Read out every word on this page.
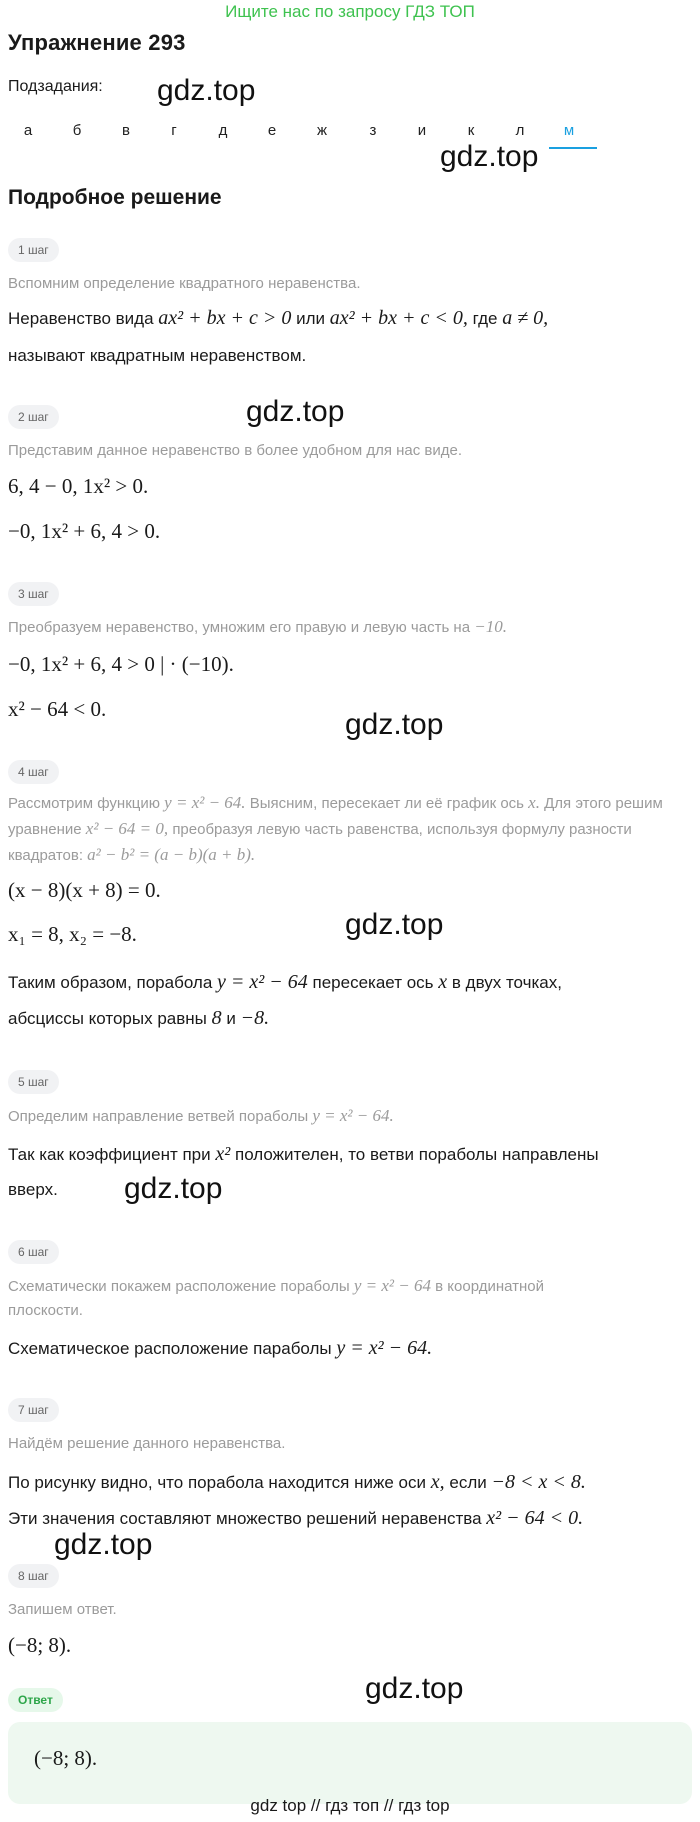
Ищите нас по запросу ГДЗ ТОП
Упражнение 293
Подзадания: gdz.top
gdz.top
а	б	в	г	д	е	ж	з	и	к	л	м
Подробное решение
1 шаг
Вспомним определение квадратного неравенства.
Неравенство вида ax² + bx + c > 0 или ax² + bx + c < 0, где a ≠ 0,
называют квадратным неравенством.
2 шаг	gdz.top
Представим данное неравенство в более удобном для нас виде.
6, 4 − 0, 1x² > 0.
−0, 1x² + 6, 4 > 0.
3 шаг
Преобразуем неравенство, умножим его правую и левую часть на −10.
−0, 1x² + 6, 4 > 0 | · (−10).
x² − 64 < 0.	gdz.top
4 шаг
Рассмотрим функцию y = x² − 64. Выясним, пересекает ли её график ось x. Для этого решим уравнение x² − 64 = 0, преобразуя левую часть равенства, используя формулу разности квадратов: a² − b² = (a − b)(a + b).
(x − 8)(x + 8) = 0.
x₁ = 8, x₂ = −8.	gdz.top
Таким образом, порабола y = x² − 64 пересекает ось x в двух точках,
абсциссы которых равны 8 и −8.
5 шаг
Определим направление ветвей пораболы y = x² − 64.
Так как коэффициент при x² положителен, то ветви пораболы направлены
вверх.	gdz.top
6 шаг
Схематически покажем расположение пораболы y = x² − 64 в координатной
плоскости.
Схематическое расположение параболы y = x² − 64.
7 шаг
Найдём решение данного неравенства.
По рисунку видно, что порабола находится ниже оси x, если −8 < x < 8.
Эти значения составляют множество решений неравенства x² − 64 < 0.
gdz.top
8 шаг
Запишем ответ.
(−8; 8).
Ответ	gdz.top
(−8; 8).
gdz top // гдз топ // гдз top
